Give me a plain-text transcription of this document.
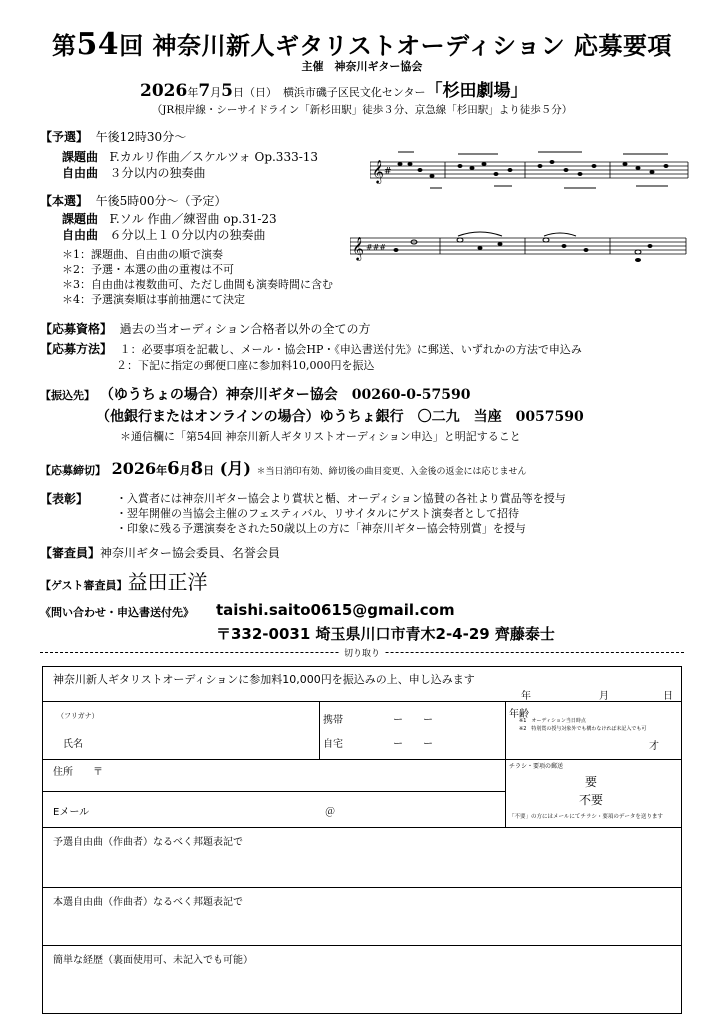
第54回 神奈川新人ギタリストオーディション 応募要項
主催　神奈川ギター協会
2026年7月5日（日） 横浜市磯子区民文化センター「杉田劇場」
（JR根岸線・シーサイドライン「新杉田駅」徒歩３分、京急線「杉田駅」より徒歩５分）
【予選】 午後12時30分～
課題曲 F.カルリ作曲／スケルツォ Op.333-13
自由曲 ３分以内の独奏曲	𝄞 #
【本選】 午後5時00分～（予定）
課題曲 F.ソル 作曲／練習曲 op.31-23
自由曲 ６分以上１０分以内の独奏曲
𝄞 ###
＊1：課題曲、自由曲の順で演奏
＊2：予選・本選の曲の重複は不可
＊3：自由曲は複数曲可、ただし曲間も演奏時間に含む
＊4：予選演奏順は事前抽選にて決定
【応募資格】 過去の当オーディション合格者以外の全ての方
【応募方法】 １：必要事項を記載し、メール・協会HP・《申込書送付先》に郵送、いずれかの方法で申込み
２：下記に指定の郵便口座に参加料10,000円を振込
【振込先】 （ゆうちょの場合）神奈川ギター協会　00260-0-57590
（他銀行またはオンラインの場合）ゆうちょ銀行　〇二九　当座　0057590
＊通信欄に「第54回 神奈川新人ギタリストオーディション申込」と明記すること
【応募締切】 2026年6月8日 (月) ＊当日消印有効、締切後の曲目変更、入金後の返金には応じません
【表彰】	・入賞者には神奈川ギター協会より賞状と楯、オーディション協賛の各社より賞品等を授与
・翌年開催の当協会主催のフェスティバル、リサイタルにゲスト演奏者として招待
・印象に残る予選演奏をされた50歳以上の方に「神奈川ギター協会特別賞」を授与
【審査員】神奈川ギター協会委員、名誉会員
【ゲスト審査員】益田正洋
《問い合わせ・申込書送付先》 taishi.saito0615@gmail.com
〒332-0031 埼玉県川口市青木2-4-29 齊藤泰士
切り取り
神奈川新人ギタリストオーディションに参加料10,000円を振込みの上、申し込みます
年	月	日
（フリガナ）
氏名
携帯	ー　　ー
自宅	ー　　ー
年齢
※1　オーディション当日時点
※2　特別賞の授与対象外でも構わなければ未記入でも可
才
住所 〒
チラシ・要項の郵送
要
不要
「不要」の方にはメールにてチラシ・要項のデータを送ります
Eメール	＠
予選自由曲（作曲者）なるべく邦題表記で
本選自由曲（作曲者）なるべく邦題表記で
簡単な経歴（裏面使用可、未記入でも可能）
